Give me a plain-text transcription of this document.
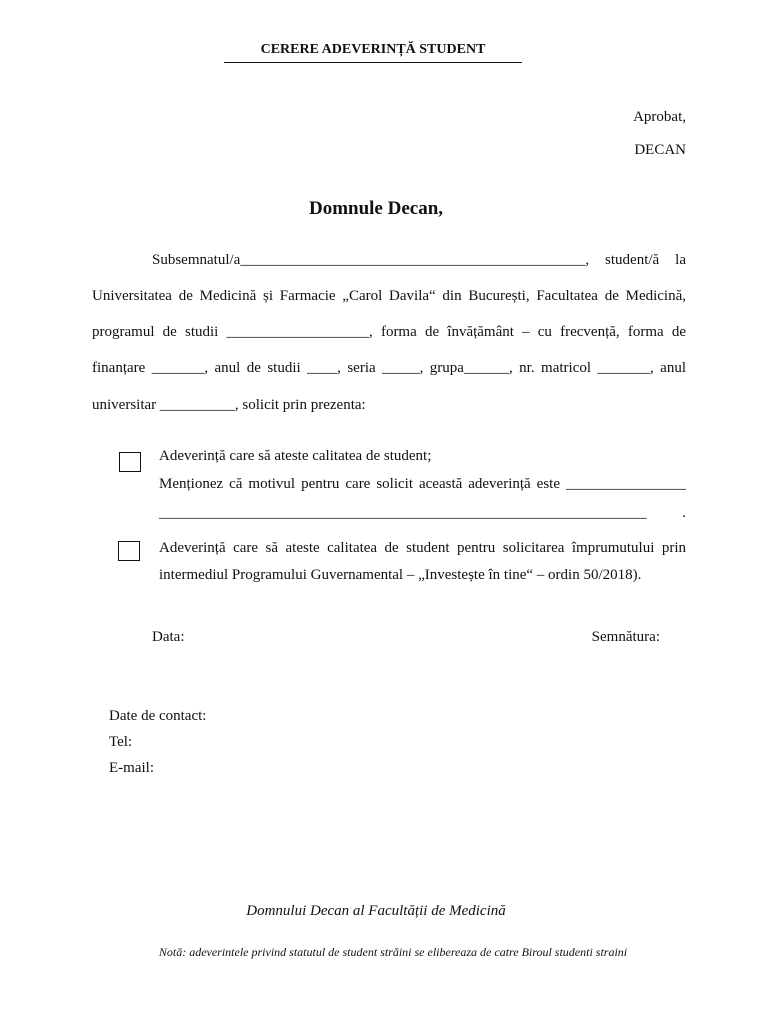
CERERE ADEVERINȚĂ STUDENT
Aprobat,
DECAN
Domnule Decan,
Subsemnatul/a______________________________________________, student/ă la
Universitatea de Medicină și Farmacie „Carol Davila“ din București, Facultatea de Medicină,
programul de studii ___________________, forma de învățământ – cu frecvență, forma de
finanțare _______, anul de studii ____, seria _____, grupa______, nr. matricol _______, anul
universitar __________, solicit prin prezenta:
Adeverință care să ateste calitatea de student;
Menționez că motivul pentru care solicit această adeverință este ________________
_________________________________________________________________ .
Adeverință care să ateste calitatea de student pentru solicitarea împrumutului prin
intermediul Programului Guvernamental – „Investește în tine“ – ordin 50/2018).
Data:	Semnătura:
Date de contact:
Tel:
E-mail:
Domnului Decan al Facultății de Medicină
Notă: adeverintele privind statutul de student străini se elibereaza de catre Biroul studenti straini
